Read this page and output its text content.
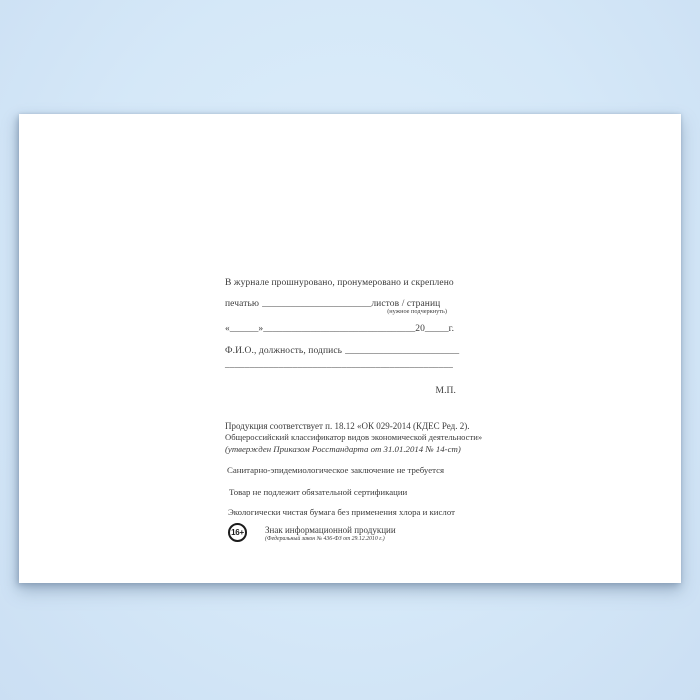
В журнале прошнуровано, пронумеровано и скреплено
печатью _______________________листов / страниц
(нужное подчеркнуть)
«______»________________________________20_____г.
Ф.И.О., должность, подпись ________________________
_______________________________________________
М.П.
Продукция соответствует п. 18.12 «ОК 029-2014 (КДЕС Ред. 2).
Общероссийский классификатор видов экономической деятельности»
(утвержден Приказом Росстандарта от 31.01.2014 № 14-ст)
Санитарно-эпидемиологическое заключение не требуется
Товар не подлежит обязательной сертификации
Экологически чистая бумага без применения хлора и кислот
16+	Знак информационной продукции
(Федеральный закон № 436-ФЗ от 29.12.2010 г.)
